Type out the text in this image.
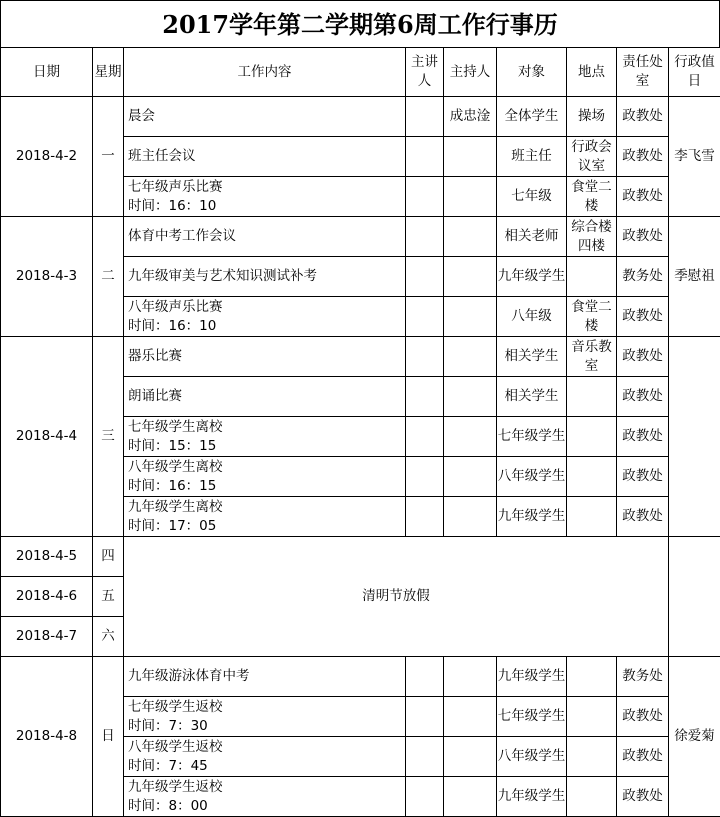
2017学年第二学期第6周工作行事历
日期	星期	工作内容	主讲人	主持人	对象	地点	责任处室	行政值日
2018-4-2	一	晨会		成忠淦	全体学生	操场	政教处	李飞雪

		班主任会议			班主任	行政会议室	政教处	

		七年级声乐比赛
时间：16：10			七年级	食堂二楼	政教处	
2018-4-3	二	体育中考工作会议			相关老师	综合楼四楼	政教处	季慰祖

		九年级审美与艺术知识测试补考			九年级学生		教务处	

		八年级声乐比赛
时间：16：10			八年级	食堂二楼	政教处	
2018-4-4	三	器乐比赛			相关学生	音乐教室	政教处	

		朗诵比赛			相关学生		政教处	

		七年级学生离校
时间：15：15			七年级学生		政教处	

		八年级学生离校
时间：16：15			八年级学生		政教处	

		九年级学生离校
时间：17：05			九年级学生		政教处	
2018-4-5	四	清明节放假						
2018-4-6	五							
2018-4-7	六							
2018-4-8	日	九年级游泳体育中考			九年级学生		教务处	徐爱菊

		七年级学生返校
时间：7：30			七年级学生		政教处	

		八年级学生返校
时间：7：45			八年级学生		政教处	

		九年级学生返校
时间：8：00			九年级学生		政教处	
